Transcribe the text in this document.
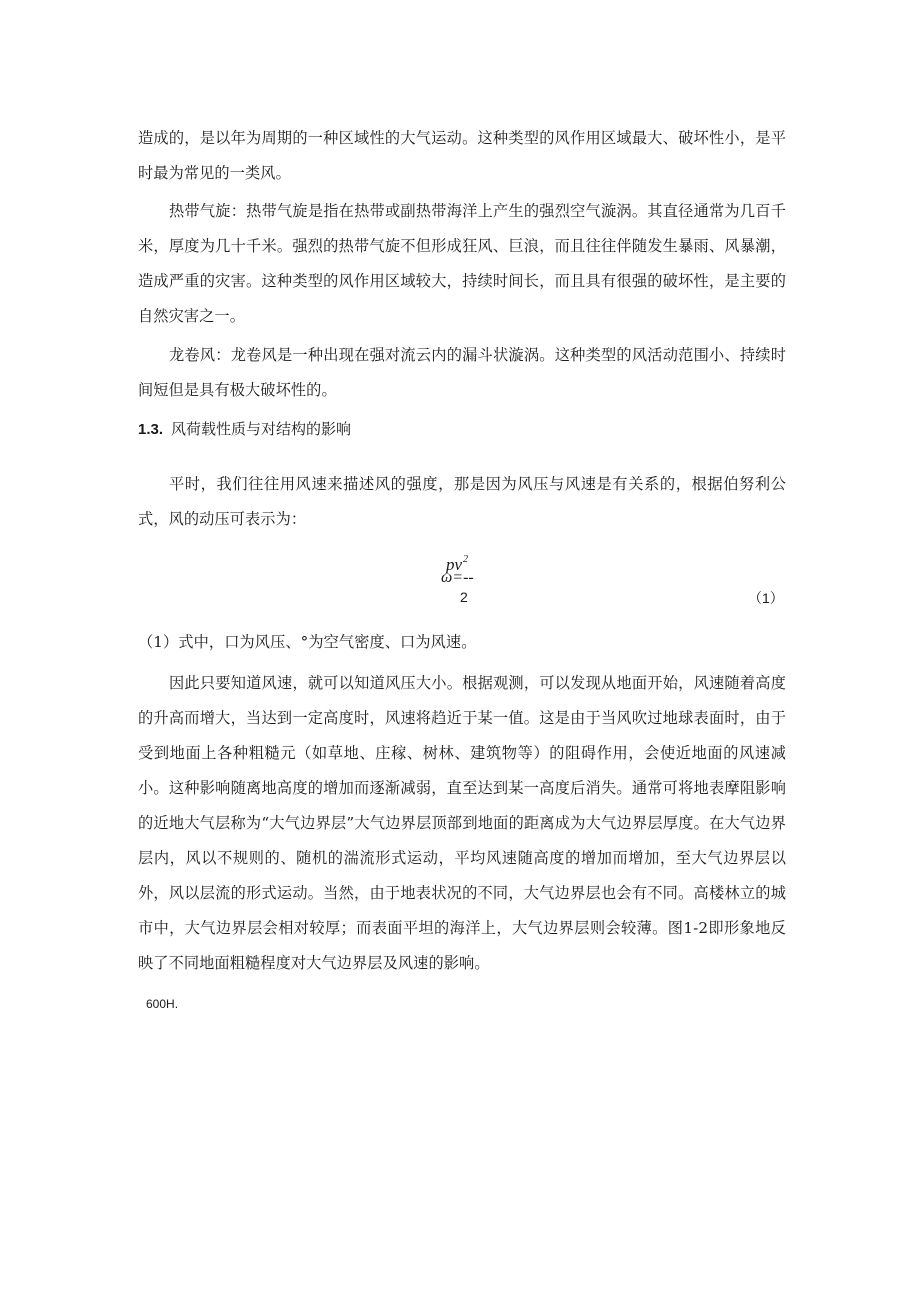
造成的，是以年为周期的一种区域性的大气运动。这种类型的风作用区域最大、破坏性小，是平时最为常见的一类风。

热带气旋：热带气旋是指在热带或副热带海洋上产生的强烈空气漩涡。其直径通常为几百千米，厚度为几十千米。强烈的热带气旋不但形成狂风、巨浪，而且往往伴随发生暴雨、风暴潮，造成严重的灾害。这种类型的风作用区域较大，持续时间长，而且具有很强的破坏性，是主要的自然灾害之一。

龙卷风：龙卷风是一种出现在强对流云内的漏斗状漩涡。这种类型的风活动范围小、持续时间短但是具有极大破坏性的。

1.3. 风荷载性质与对结构的影响

平时，我们往往用风速来描述风的强度，那是因为风压与风速是有关系的，根据伯努利公式，风的动压可表示为：

$pv^2$
ω=--
2	（1）

（1）式中，口为风压、°为空气密度、口为风速。

因此只要知道风速，就可以知道风压大小。根据观测，可以发现从地面开始，风速随着高度的升高而增大，当达到一定高度时，风速将趋近于某一值。这是由于当风吹过地球表面时，由于受到地面上各种粗糙元（如草地、庄稼、树林、建筑物等）的阻碍作用，会使近地面的风速减小。这种影响随离地高度的增加而逐渐减弱，直至达到某一高度后消失。通常可将地表摩阻影响的近地大气层称为“大气边界层”大气边界层顶部到地面的距离成为大气边界层厚度。在大气边界层内，风以不规则的、随机的湍流形式运动，平均风速随高度的增加而增加，至大气边界层以外，风以层流的形式运动。当然，由于地表状况的不同，大气边界层也会有不同。高楼林立的城市中，大气边界层会相对较厚；而表面平坦的海洋上，大气边界层则会较薄。图1-2即形象地反映了不同地面粗糙程度对大气边界层及风速的影响。

600H.
